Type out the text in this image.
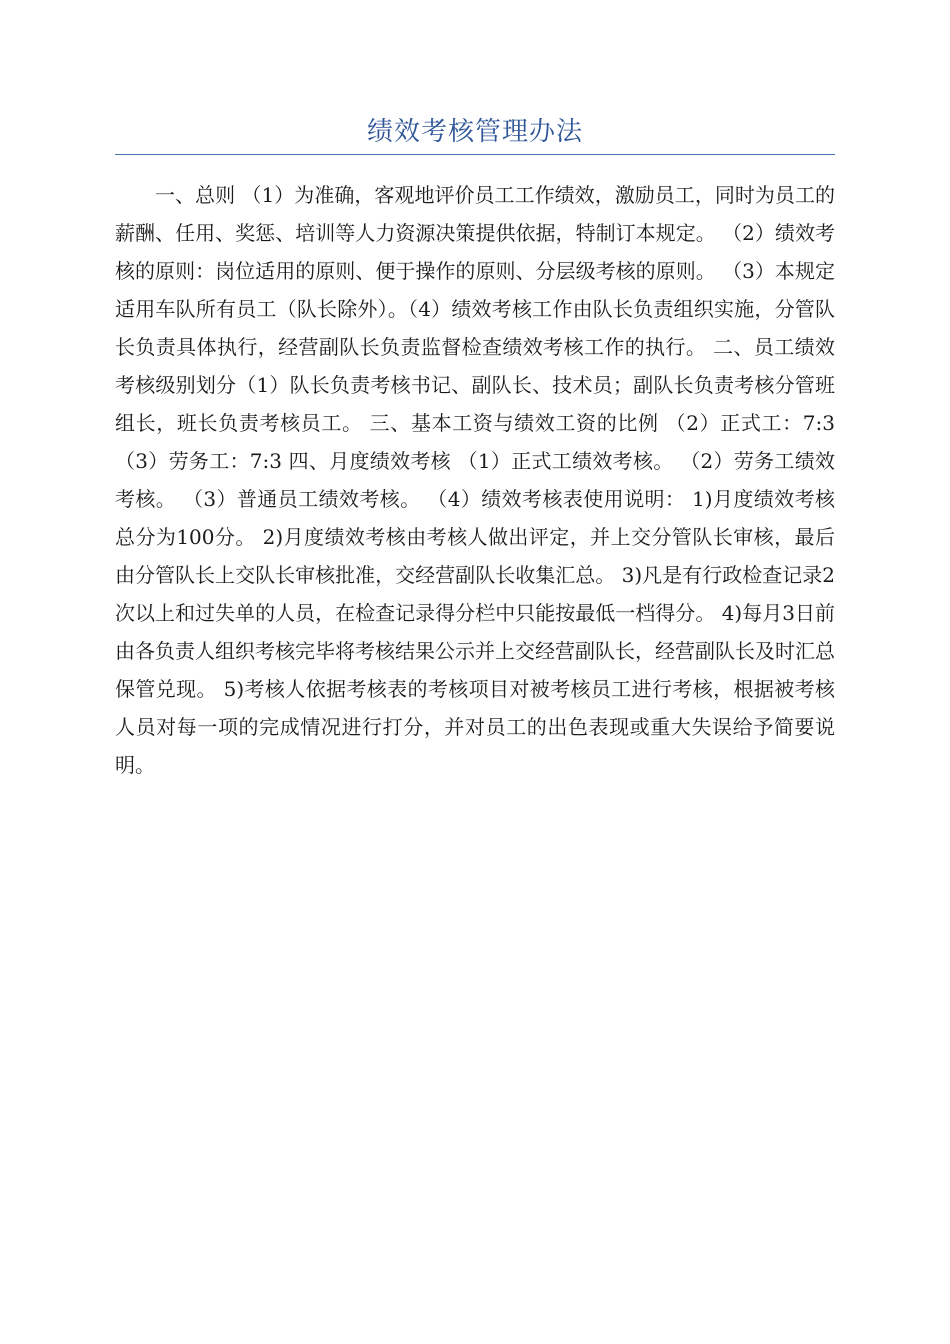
绩效考核管理办法

一、总则 （1）为准确，客观地评价员工工作绩效，激励员工，同时为员工的薪酬、任用、奖惩、培训等人力资源决策提供依据，特制订本规定。 （2）绩效考核的原则：岗位适用的原则、便于操作的原则、分层级考核的原则。 （3）本规定适用车队所有员工（队长除外）。（4）绩效考核工作由队长负责组织实施，分管队长负责具体执行，经营副队长负责监督检查绩效考核工作的执行。 二、员工绩效考核级别划分（1）队长负责考核书记、副队长、技术员；副队长负责考核分管班组长，班长负责考核员工。 三、基本工资与绩效工资的比例 （2）正式工：7:3 （3）劳务工：7:3 四、月度绩效考核 （1）正式工绩效考核。 （2）劳务工绩效考核。 （3）普通员工绩效考核。 （4）绩效考核表使用说明： 1)月度绩效考核总分为100分。 2)月度绩效考核由考核人做出评定，并上交分管队长审核，最后由分管队长上交队长审核批准，交经营副队长收集汇总。 3)凡是有行政检查记录2次以上和过失单的人员，在检查记录得分栏中只能按最低一档得分。 4)每月3日前由各负责人组织考核完毕将考核结果公示并上交经营副队长，经营副队长及时汇总保管兑现。 5)考核人依据考核表的考核项目对被考核员工进行考核，根据被考核人员对每一项的完成情况进行打分，并对员工的出色表现或重大失误给予简要说明。
